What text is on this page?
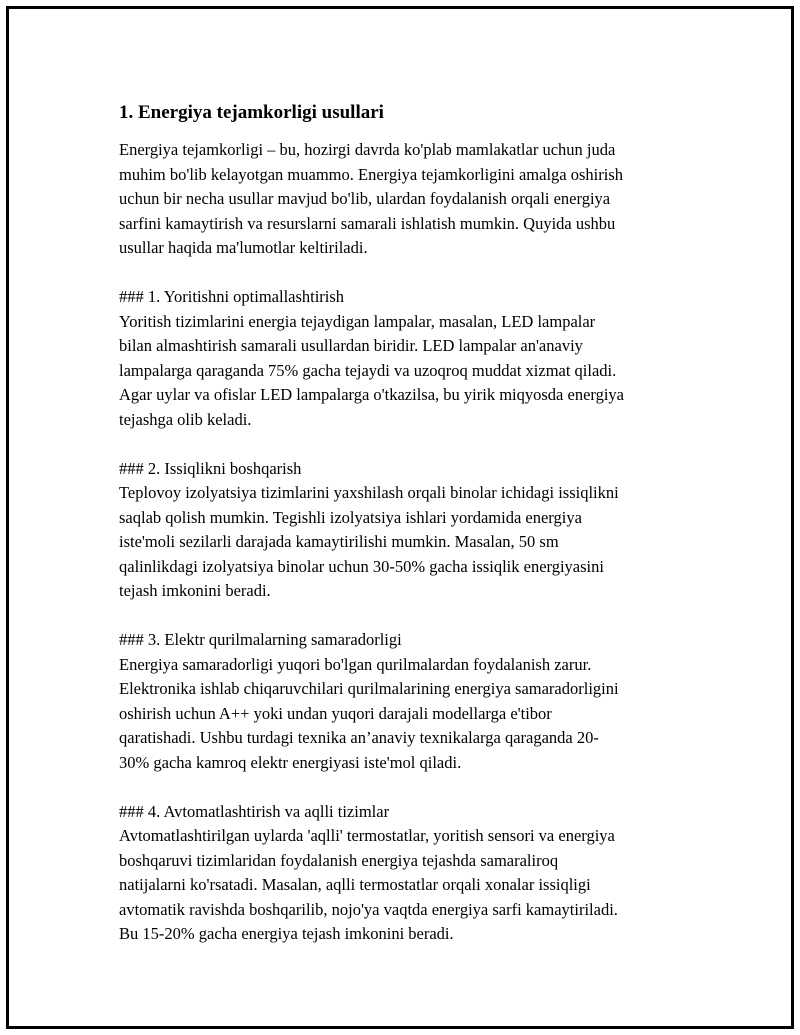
1. Energiya tejamkorligi usullari

Energiya tejamkorligi – bu, hozirgi davrda ko'plab mamlakatlar uchun juda
muhim bo'lib kelayotgan muammo. Energiya tejamkorligini amalga oshirish
uchun bir necha usullar mavjud bo'lib, ulardan foydalanish orqali energiya
sarfini kamaytirish va resurslarni samarali ishlatish mumkin. Quyida ushbu
usullar haqida ma'lumotlar keltiriladi.

### 1. Yoritishni optimallashtirish

Yoritish tizimlarini energia tejaydigan lampalar, masalan, LED lampalar
bilan almashtirish samarali usullardan biridir. LED lampalar an'anaviy
lampalarga qaraganda 75% gacha tejaydi va uzoqroq muddat xizmat qiladi.
Agar uylar va ofislar LED lampalarga o'tkazilsa, bu yirik miqyosda energiya
tejashga olib keladi.

### 2. Issiqlikni boshqarish

Teplovoy izolyatsiya tizimlarini yaxshilash orqali binolar ichidagi issiqlikni
saqlab qolish mumkin. Tegishli izolyatsiya ishlari yordamida energiya
iste'moli sezilarli darajada kamaytirilishi mumkin. Masalan, 50 sm
qalinlikdagi izolyatsiya binolar uchun 30-50% gacha issiqlik energiyasini
tejash imkonini beradi.

### 3. Elektr qurilmalarning samaradorligi

Energiya samaradorligi yuqori bo'lgan qurilmalardan foydalanish zarur.
Elektronika ishlab chiqaruvchilari qurilmalarining energiya samaradorligini
oshirish uchun A++ yoki undan yuqori darajali modellarga e'tibor
qaratishadi. Ushbu turdagi texnika an’anaviy texnikalarga qaraganda 20-
30% gacha kamroq elektr energiyasi iste'mol qiladi.

### 4. Avtomatlashtirish va aqlli tizimlar

Avtomatlashtirilgan uylarda 'aqlli' termostatlar, yoritish sensori va energiya
boshqaruvi tizimlaridan foydalanish energiya tejashda samaraliroq
natijalarni ko'rsatadi. Masalan, aqlli termostatlar orqali xonalar issiqligi
avtomatik ravishda boshqarilib, nojo'ya vaqtda energiya sarfi kamaytiriladi.
Bu 15-20% gacha energiya tejash imkonini beradi.
